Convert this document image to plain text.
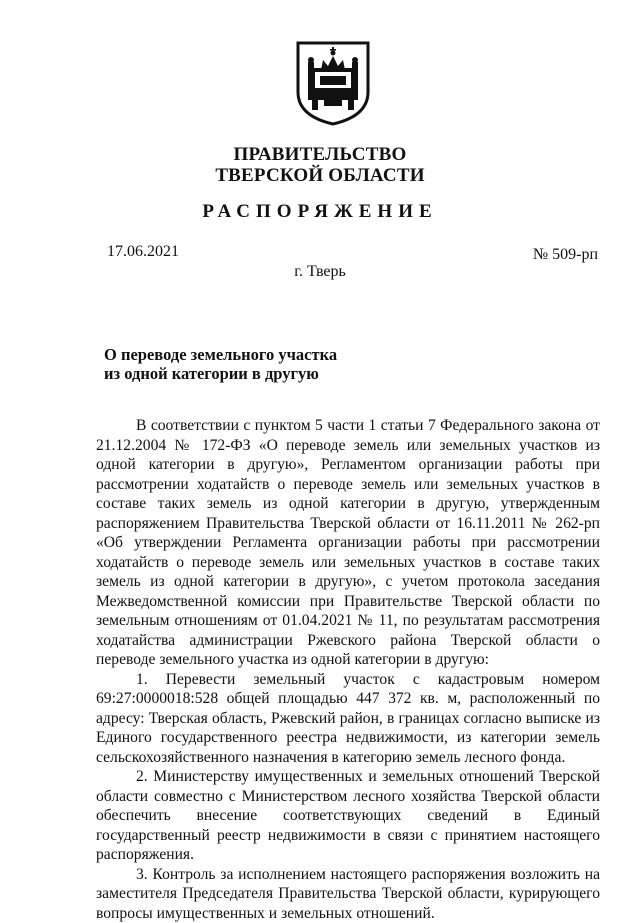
ПРАВИТЕЛЬСТВО
ТВЕРСКОЙ ОБЛАСТИ
РАСПОРЯЖЕНИЕ
17.06.2021	№ 509-рп
г. Тверь
О переводе земельного участка
из одной категории в другую

В соответствии с пунктом 5 части 1 статьи 7 Федерального закона от 21.12.2004 № 172-ФЗ «О переводе земель или земельных участков из одной категории в другую», Регламентом организации работы при рассмотрении ходатайств о переводе земель или земельных участков в составе таких земель из одной категории в другую, утвержденным распоряжением Правительства Тверской области от 16.11.2011 № 262-рп «Об утверждении Регламента организации работы при рассмотрении ходатайств о переводе земель или земельных участков в составе таких земель из одной категории в другую», с учетом протокола заседания Межведомственной комиссии при Правительстве Тверской области по земельным отношениям от 01.04.2021 № 11, по результатам рассмотрения ходатайства администрации Ржевского района Тверской области о переводе земельного участка из одной категории в другую:

1. Перевести земельный участок с кадастровым номером 69:27:0000018:528 общей площадью 447 372 кв. м, расположенный по адресу: Тверская область, Ржевский район, в границах согласно выписке из Единого государственного реестра недвижимости, из категории земель сельскохозяйственного назначения в категорию земель лесного фонда.

2. Министерству имущественных и земельных отношений Тверской области совместно с Министерством лесного хозяйства Тверской области обеспечить внесение соответствующих сведений в Единый государственный реестр недвижимости в связи с принятием настоящего распоряжения.

3. Контроль за исполнением настоящего распоряжения возложить на заместителя Председателя Правительства Тверской области, курирующего вопросы имущественных и земельных отношений.
